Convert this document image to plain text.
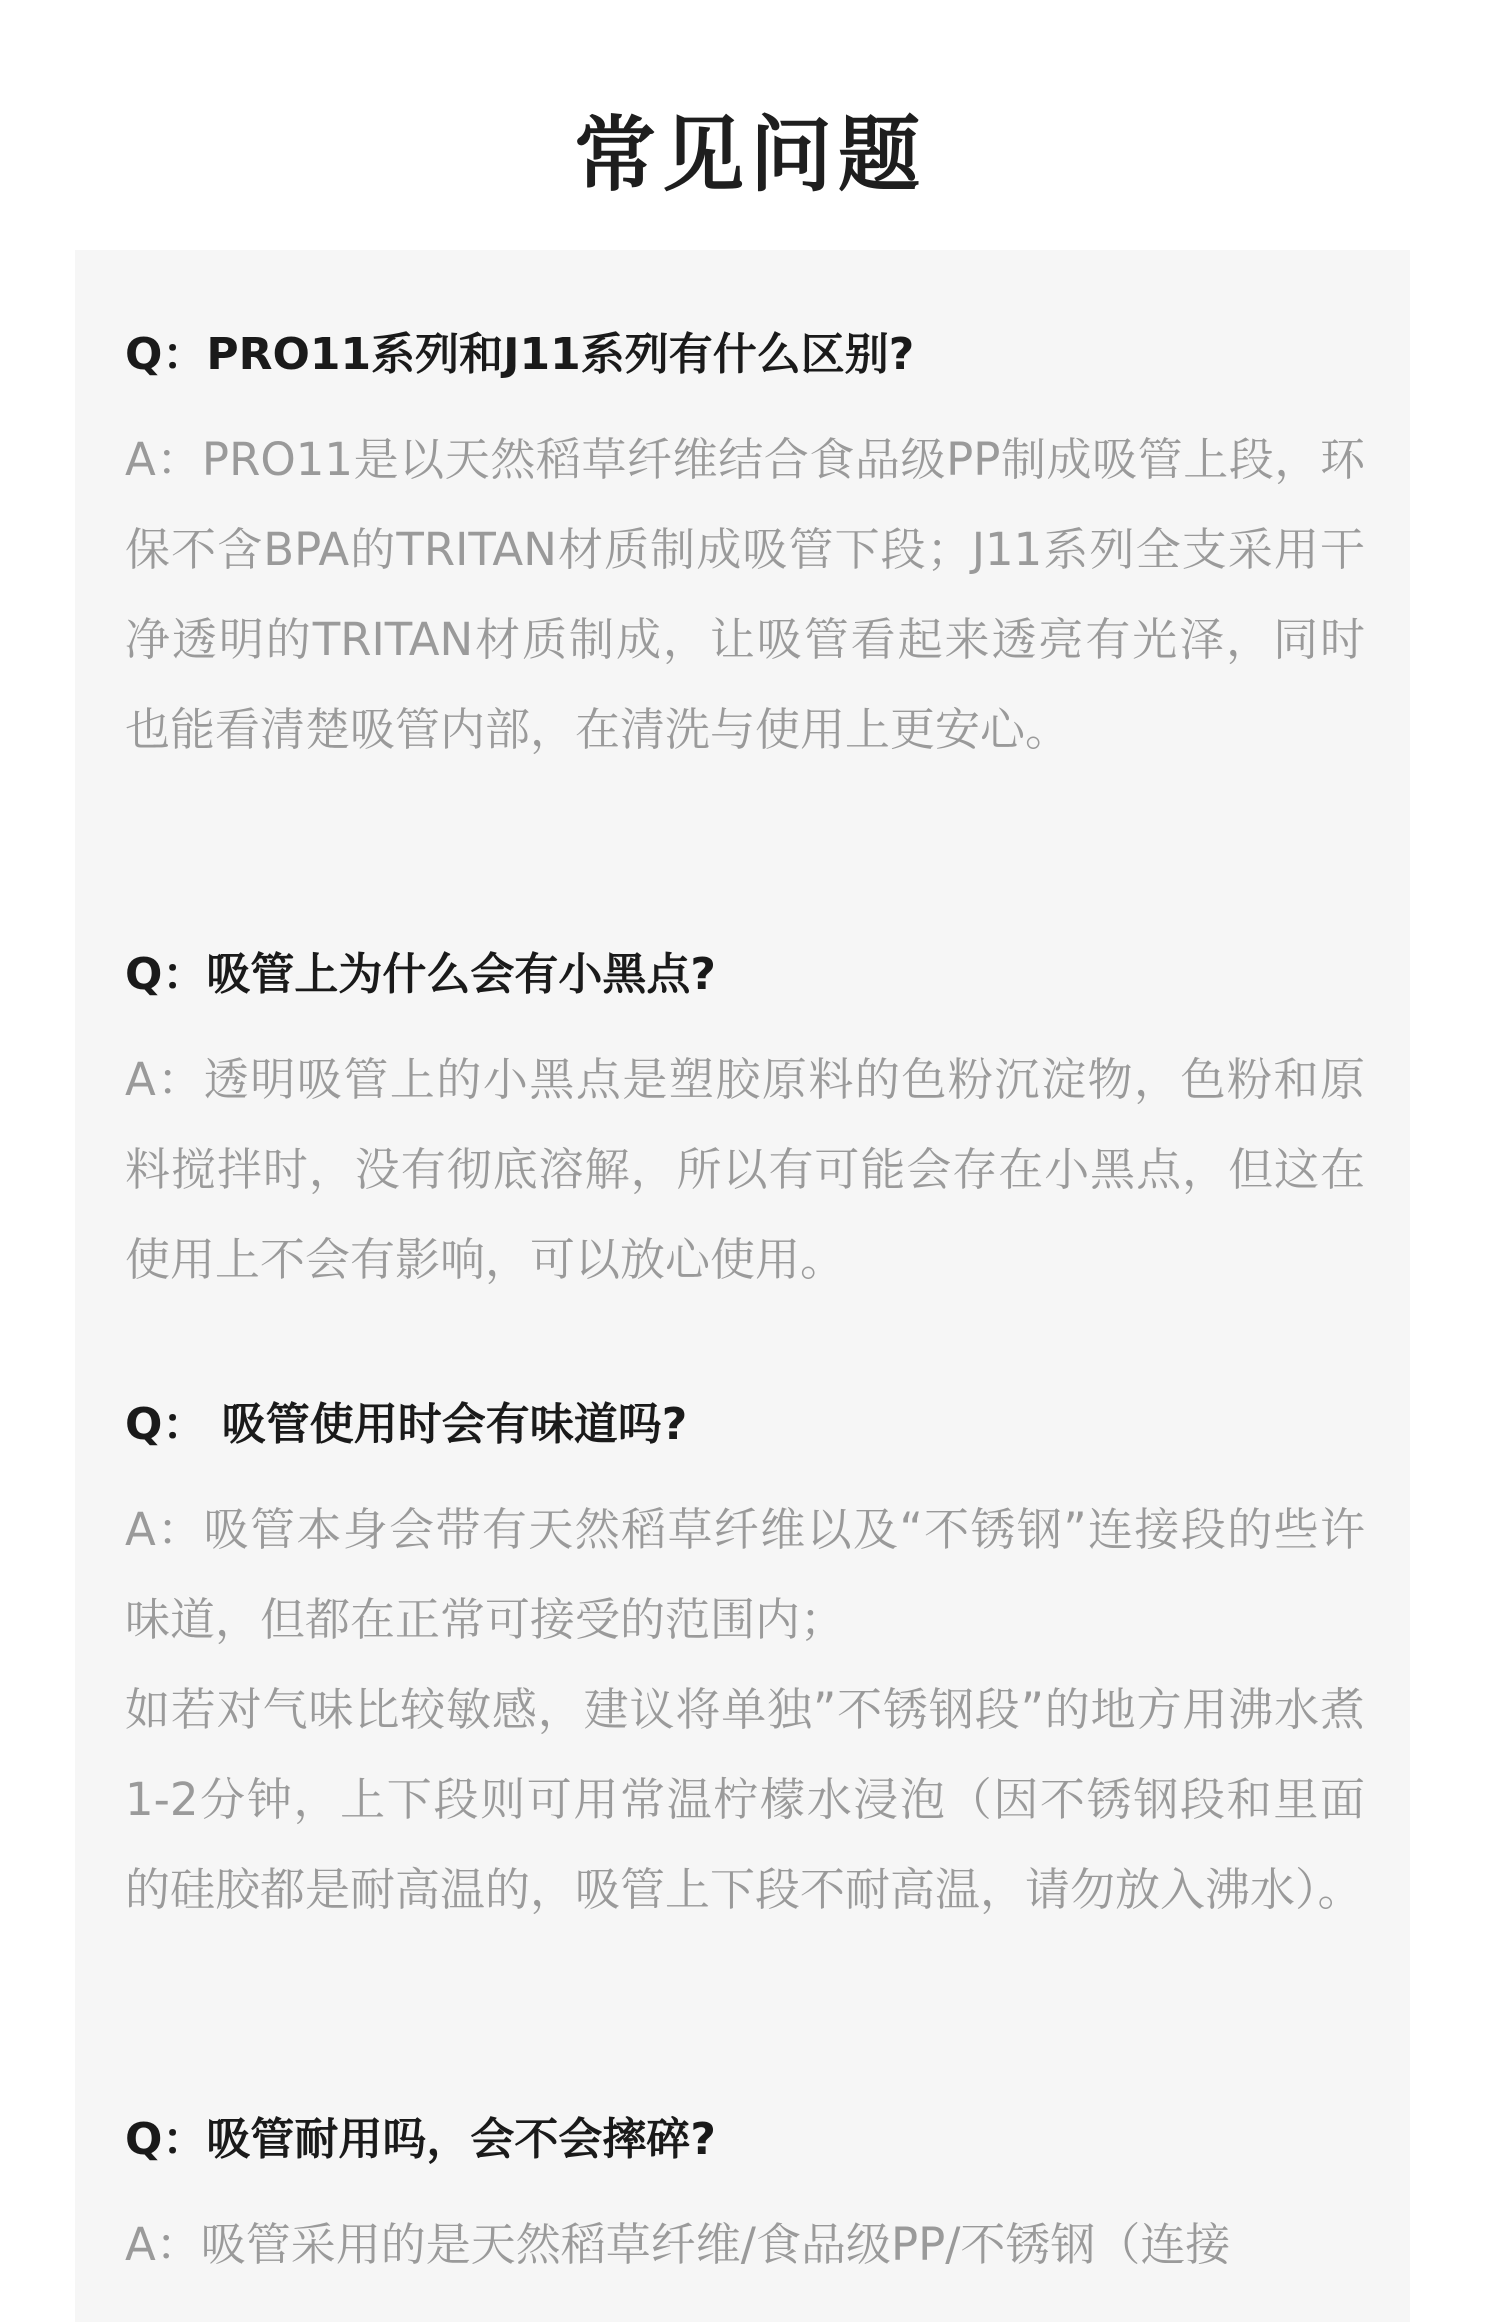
常见问题
Q：PRO11系列和J11系列有什么区别?
A：PRO11是以天然稻草纤维结合食品级PP制成吸管上段，环保不含BPA的TRITAN材质制成吸管下段；J11系列全支采用干净透明的TRITAN材质制成，让吸管看起来透亮有光泽，同时也能看清楚吸管内部，在清洗与使用上更安心。
Q：吸管上为什么会有小黑点?
A：透明吸管上的小黑点是塑胶原料的色粉沉淀物，色粉和原料搅拌时，没有彻底溶解，所以有可能会存在小黑点，但这在使用上不会有影响，可以放心使用。
Q： 吸管使用时会有味道吗?
A：吸管本身会带有天然稻草纤维以及“不锈钢”连接段的些许味道，但都在正常可接受的范围内；
如若对气味比较敏感，建议将单独”不锈钢段”的地方用沸水煮1-2分钟，上下段则可用常温柠檬水浸泡（因不锈钢段和里面的硅胶都是耐高温的，吸管上下段不耐高温，请勿放入沸水）。
Q：吸管耐用吗，会不会摔碎?
A：吸管采用的是天然稻草纤维/食品级PP/不锈钢（连接
